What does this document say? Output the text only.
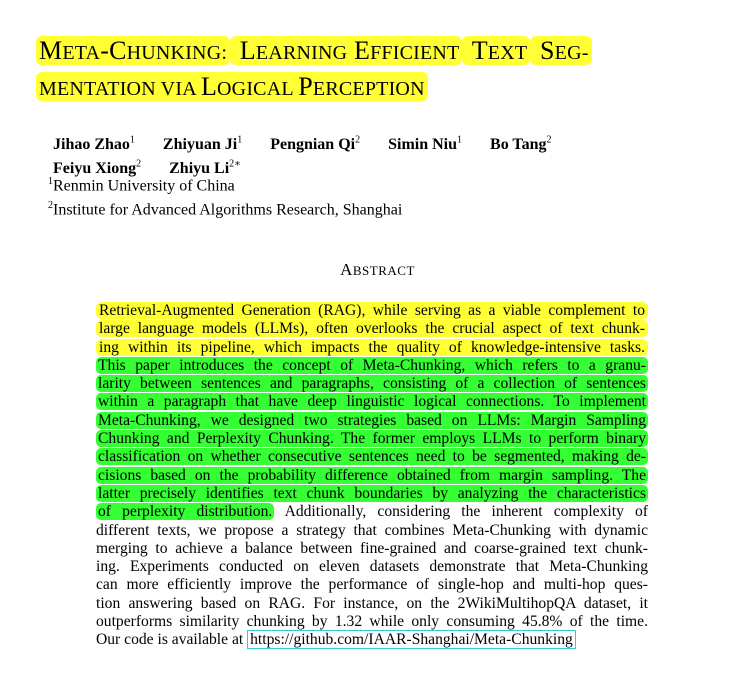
META-CHUNKING: LEARNING EFFICIENT TEXT SEG-
MENTATION VIA LOGICAL PERCEPTION
Jihao Zhao$^1$ Zhiyuan Ji$^1$ Pengnian Qi$^2$ Simin Niu$^1$ Bo Tang$^2$
Feiyu Xiong$^2$ Zhiyu $Li^{2∗}$
$^1$Renmin University of China
$^2$Institute for Advanced Algorithms Research, Shanghai
ABSTRACT
Retrieval-Augmented Generation (RAG), while serving as a viable complement to
large language models (LLMs), often overlooks the crucial aspect of text chunk-
ing within its pipeline, which impacts the quality of knowledge-intensive tasks.
This paper introduces the concept of Meta-Chunking, which refers to a granu-
larity between sentences and paragraphs, consisting of a collection of sentences
within a paragraph that have deep linguistic logical connections. To implement
Meta-Chunking, we designed two strategies based on LLMs: Margin Sampling
Chunking and Perplexity Chunking. The former employs LLMs to perform binary
classification on whether consecutive sentences need to be segmented, making de-
cisions based on the probability difference obtained from margin sampling. The
latter precisely identifies text chunk boundaries by analyzing the characteristics
of perplexity distribution. Additionally, considering the inherent complexity of
different texts, we propose a strategy that combines Meta-Chunking with dynamic
merging to achieve a balance between fine-grained and coarse-grained text chunk-
ing. Experiments conducted on eleven datasets demonstrate that Meta-Chunking
can more efficiently improve the performance of single-hop and multi-hop ques-
tion answering based on RAG. For instance, on the 2WikiMultihopQA dataset, it
outperforms similarity chunking by 1.32 while only consuming 45.8% of the time.
Our code is available at https://github.com/IAAR-Shanghai/Meta-Chunking
